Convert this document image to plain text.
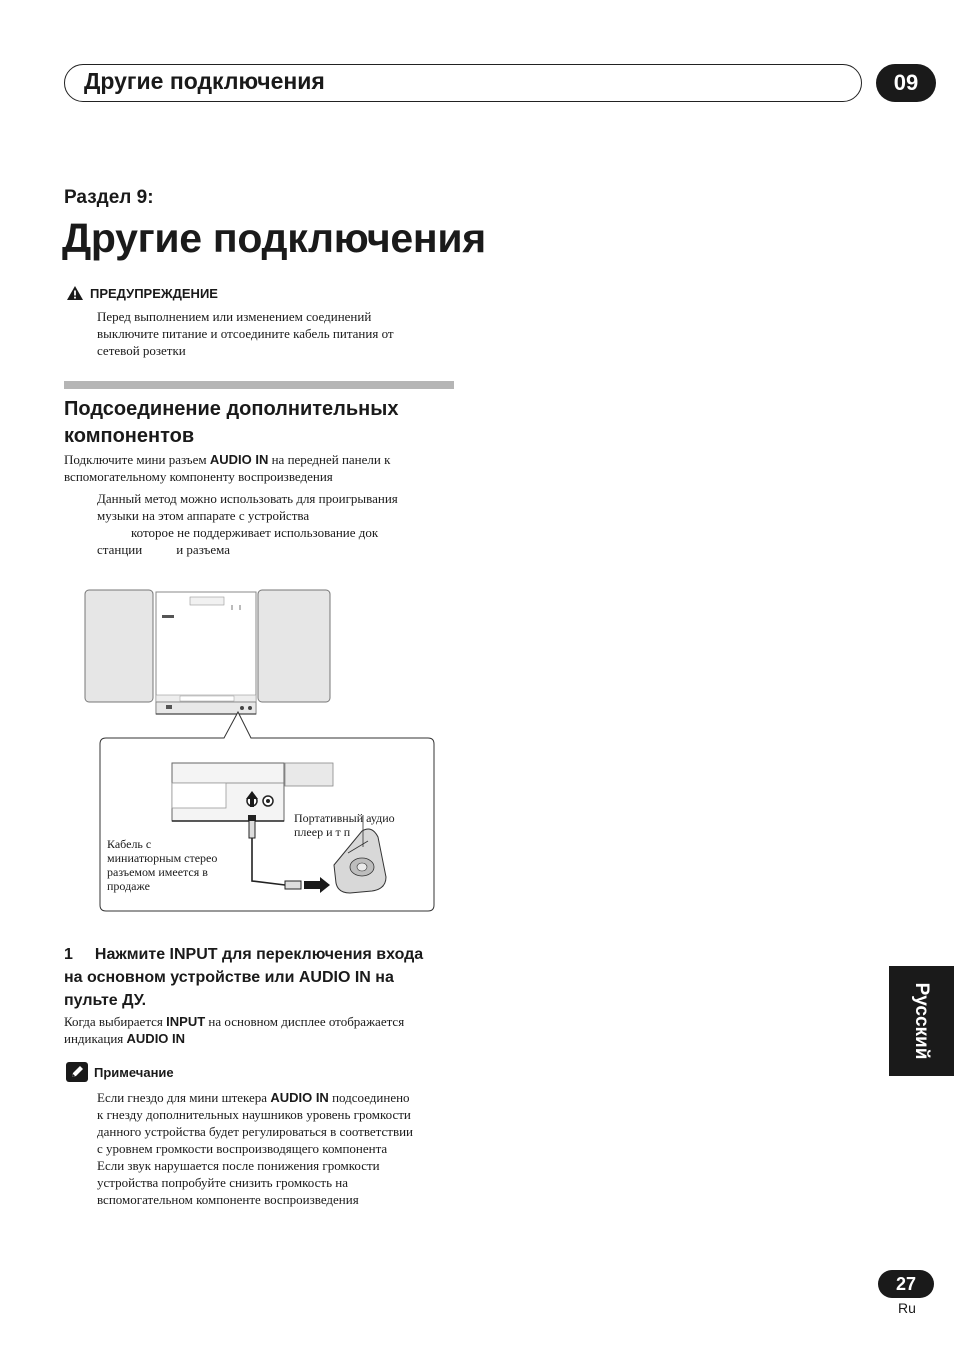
Другие подключения	09
Раздел 9:
Другие подключения
ПРЕДУПРЕЖДЕНИЕ
Перед выполнением или изменением соединений
выключите питание и отсоедините кабель питания от
сетевой розетки
Подсоединение дополнительных
компонентов
Подключите мини разъем AUDIO IN на передней панели к
вспомогательному компоненту воспроизведения
Данный метод можно использовать для проигрывания
музыки на этом аппарате с устройства
которое не поддерживает использование док
станции	и разъема
Портативный аудио
плеер и т п
Кабель с
миниатюрным стерео
разъемом имеется в
продаже
1 Нажмите INPUT для переключения входа
на основном устройстве или AUDIO IN на
пульте ДУ.
Когда выбирается INPUT на основном дисплее отображается
индикация AUDIO IN
Примечание
Если гнездо для мини штекера AUDIO IN подсоединено
к гнезду дополнительных наушников уровень громкости
данного устройства будет регулироваться в соответствии
с уровнем громкости воспроизводящего компонента
Если звук нарушается после понижения громкости
устройства попробуйте снизить громкость на
вспомогательном компоненте воспроизведения
Русский
27
Ru
